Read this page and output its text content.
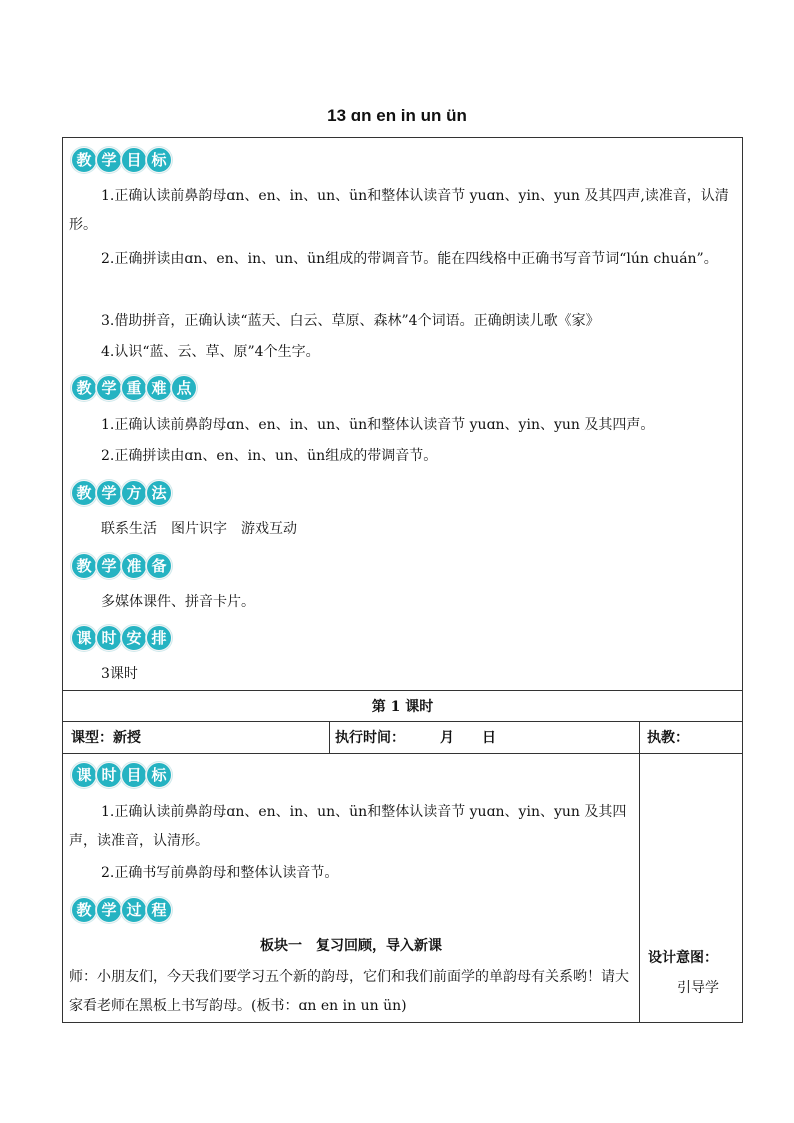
13 ɑn en in un ün
教 学 目 标
1.正确认读前鼻韵母ɑn、en、in、un、ün和整体认读音节 yuɑn、yin、yun 及其四声,读准音，认清形。
2.正确拼读由ɑn、en、in、un、ün组成的带调音节。能在四线格中正确书写音节词“lún chuán”。
3.借助拼音，正确认读“蓝天、白云、草原、森林”4个词语。正确朗读儿歌《家》
4.认识“蓝、云、草、原”4个生字。
教 学 重 难 点
1.正确认读前鼻韵母ɑn、en、in、un、ün和整体认读音节 yuɑn、yin、yun 及其四声。
2.正确拼读由ɑn、en、in、un、ün组成的带调音节。
教 学 方 法
联系生活　图片识字　游戏互动
教 学 准 备
多媒体课件、拼音卡片。
课 时 安 排
3课时
第 1 课时
课型：新授	执行时间：　　　月　　日	执教：
课 时 目 标
1.正确认读前鼻韵母ɑn、en、in、un、ün和整体认读音节 yuɑn、yin、yun 及其四声，读准音，认清形。
2.正确书写前鼻韵母和整体认读音节。
教 学 过 程
板块一　复习回顾，导入新课
师：小朋友们，今天我们要学习五个新的韵母，它们和我们前面学的单韵母有关系哟！请大家看老师在黑板上书写韵母。(板书：ɑn en in un ün)
设计意图：
引导学
